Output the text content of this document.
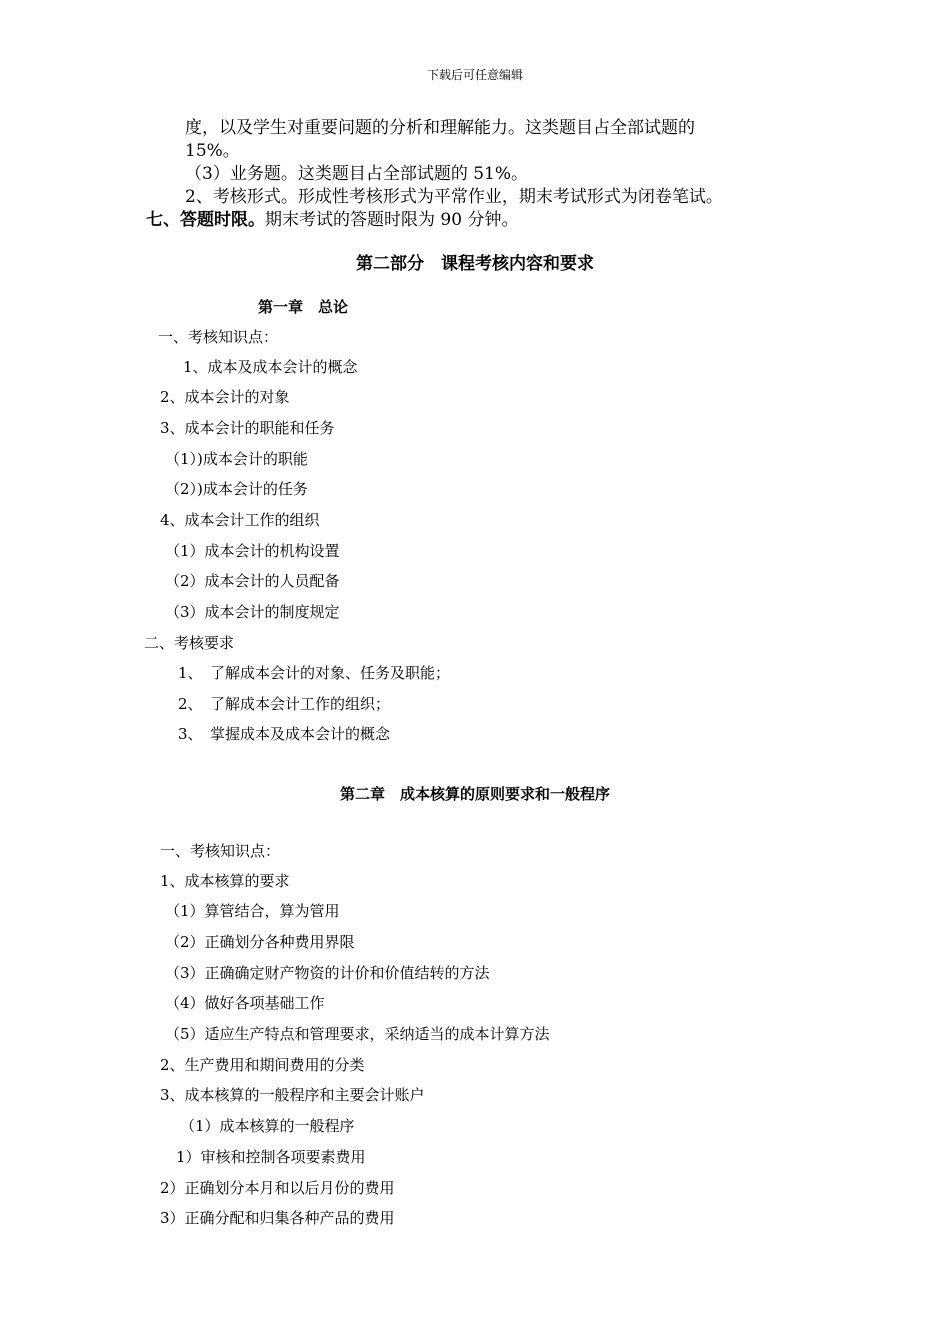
下载后可任意编辑
度，以及学生对重要问题的分析和理解能力。这类题目占全部试题的
15%。
（3）业务题。这类题目占全部试题的 51%。
2、考核形式。形成性考核形式为平常作业，期末考试形式为闭卷笔试。
七、答题时限。期末考试的答题时限为 90 分钟。
第二部分　课程考核内容和要求
第一章　总论
一、考核知识点：
1、成本及成本会计的概念
2、成本会计的对象
3、成本会计的职能和任务
（1）)成本会计的职能
（2）)成本会计的任务
4、成本会计工作的组织
（1）成本会计的机构设置
（2）成本会计的人员配备
（3）成本会计的制度规定
二、考核要求
1、　了解成本会计的对象、任务及职能；
2、　了解成本会计工作的组织；
3、　掌握成本及成本会计的概念
第二章　成本核算的原则要求和一般程序
一、考核知识点：
1、成本核算的要求
（1）算管结合，算为管用
（2）正确划分各种费用界限
（3）正确确定财产物资的计价和价值结转的方法
（4）做好各项基础工作
（5）适应生产特点和管理要求，采纳适当的成本计算方法
2、生产费用和期间费用的分类
3、成本核算的一般程序和主要会计账户
（1）成本核算的一般程序
1）审核和控制各项要素费用
2）正确划分本月和以后月份的费用
3）正确分配和归集各种产品的费用
